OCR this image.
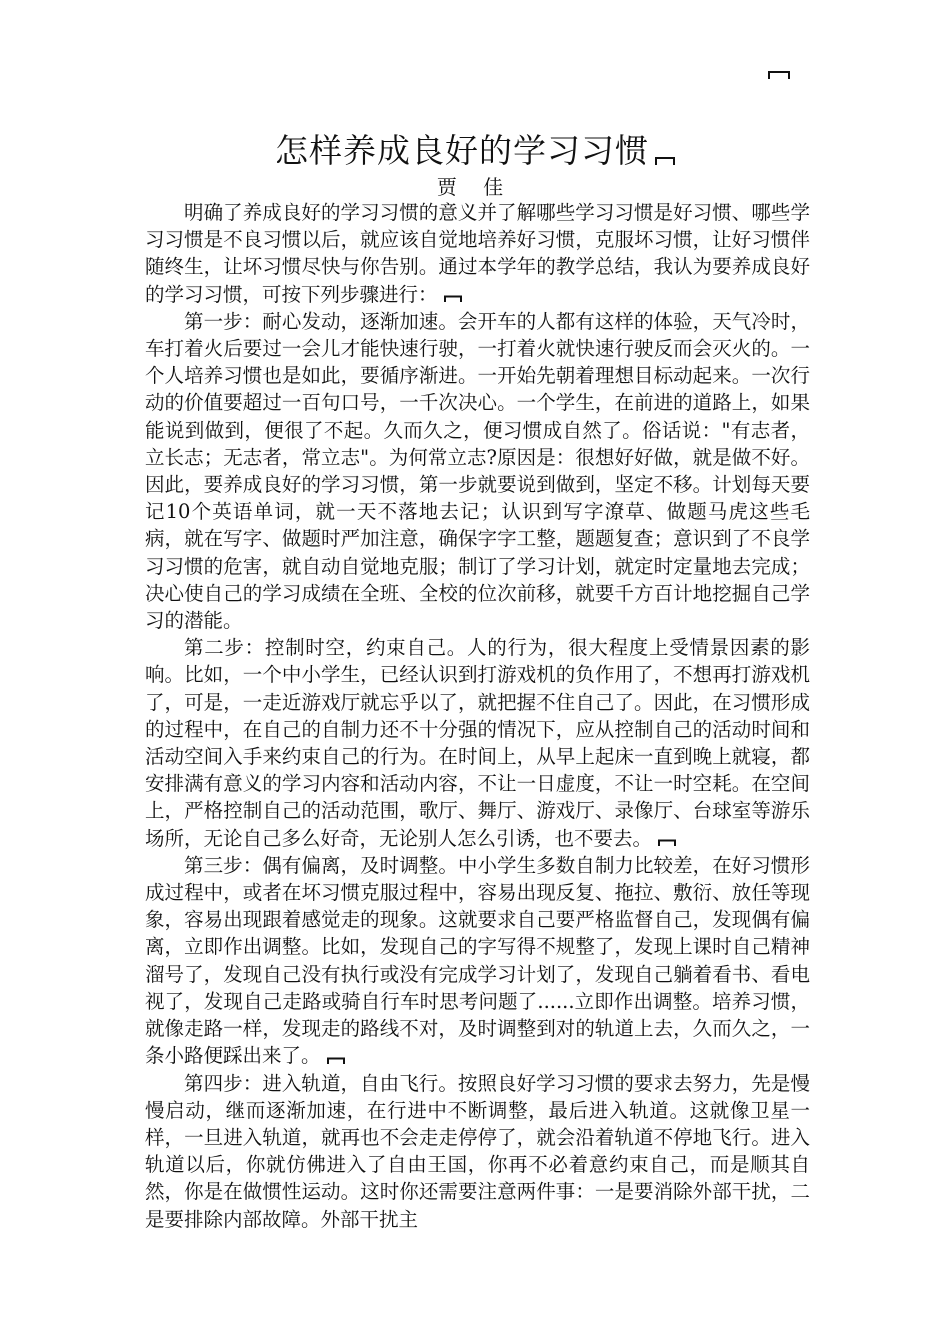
怎样养成良好的学习习惯
贾 佳

明确了养成良好的学习习惯的意义并了解哪些学习习惯是好习惯、哪些学习习惯是不良习惯以后，就应该自觉地培养好习惯，克服坏习惯，让好习惯伴随终生，让坏习惯尽快与你告别。通过本学年的教学总结，我认为要养成良好的学习习惯，可按下列步骤进行：

第一步：耐心发动，逐渐加速。会开车的人都有这样的体验，天气冷时，车打着火后要过一会儿才能快速行驶，一打着火就快速行驶反而会灭火的。一个人培养习惯也是如此，要循序渐进。一开始先朝着理想目标动起来。一次行动的价值要超过一百句口号，一千次决心。一个学生，在前进的道路上，如果能说到做到，便很了不起。久而久之，便习惯成自然了。俗话说："有志者，立长志；无志者，常立志"。为何常立志?原因是：很想好好做，就是做不好。因此，要养成良好的学习习惯，第一步就要说到做到，坚定不移。计划每天要记10个英语单词，就一天不落地去记；认识到写字潦草、做题马虎这些毛病，就在写字、做题时严加注意，确保字字工整，题题复查；意识到了不良学习习惯的危害，就自动自觉地克服；制订了学习计划，就定时定量地去完成；决心使自己的学习成绩在全班、全校的位次前移，就要千方百计地挖掘自己学习的潜能。

第二步：控制时空，约束自己。人的行为，很大程度上受情景因素的影响。比如，一个中小学生，已经认识到打游戏机的负作用了，不想再打游戏机了，可是，一走近游戏厅就忘乎以了，就把握不住自己了。因此，在习惯形成的过程中，在自己的自制力还不十分强的情况下，应从控制自己的活动时间和活动空间入手来约束自己的行为。在时间上，从早上起床一直到晚上就寝，都安排满有意义的学习内容和活动内容，不让一日虚度，不让一时空耗。在空间上，严格控制自己的活动范围，歌厅、舞厅、游戏厅、录像厅、台球室等游乐场所，无论自己多么好奇，无论别人怎么引诱，也不要去。

第三步：偶有偏离，及时调整。中小学生多数自制力比较差，在好习惯形成过程中，或者在坏习惯克服过程中，容易出现反复、拖拉、敷衍、放任等现象，容易出现跟着感觉走的现象。这就要求自己要严格监督自己，发现偶有偏离，立即作出调整。比如，发现自己的字写得不规整了，发现上课时自己精神溜号了，发现自己没有执行或没有完成学习计划了，发现自己躺着看书、看电视了，发现自己走路或骑自行车时思考问题了......立即作出调整。培养习惯，就像走路一样，发现走的路线不对，及时调整到对的轨道上去，久而久之，一条小路便踩出来了。

第四步：进入轨道，自由飞行。按照良好学习习惯的要求去努力，先是慢慢启动，继而逐渐加速，在行进中不断调整，最后进入轨道。这就像卫星一样，一旦进入轨道，就再也不会走走停停了，就会沿着轨道不停地飞行。进入轨道以后，你就仿佛进入了自由王国，你再不必着意约束自己，而是顺其自然，你是在做惯性运动。这时你还需要注意两件事：一是要消除外部干扰，二是要排除内部故障。外部干扰主
